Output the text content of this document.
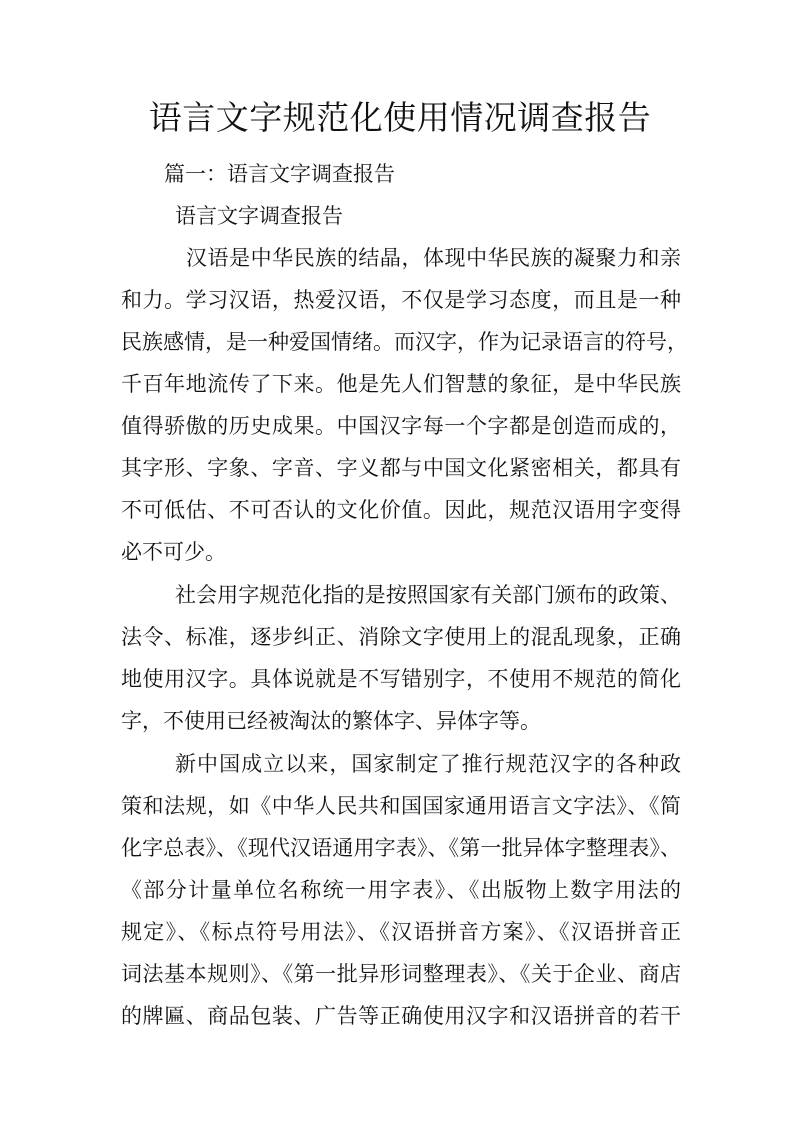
语言文字规范化使用情况调查报告
篇一：语言文字调查报告
语言文字调查报告
汉语是中华民族的结晶，体现中华民族的凝聚力和亲
和力。学习汉语，热爱汉语，不仅是学习态度，而且是一种
民族感情，是一种爱国情绪。而汉字，作为记录语言的符号，
千百年地流传了下来。他是先人们智慧的象征，是中华民族
值得骄傲的历史成果。中国汉字每一个字都是创造而成的，
其字形、字象、字音、字义都与中国文化紧密相关，都具有
不可低估、不可否认的文化价值。因此，规范汉语用字变得
必不可少。
社会用字规范化指的是按照国家有关部门颁布的政策、
法令、标准，逐步纠正、消除文字使用上的混乱现象，正确
地使用汉字。具体说就是不写错别字，不使用不规范的简化
字，不使用已经被淘汰的繁体字、异体字等。
新中国成立以来，国家制定了推行规范汉字的各种政
策和法规，如《中华人民共和国国家通用语言文字法》、《简
化字总表》、《现代汉语通用字表》、《第一批异体字整理表》、
《部分计量单位名称统一用字表》、《出版物上数字用法的
规定》、《标点符号用法》、《汉语拼音方案》、《汉语拼音正
词法基本规则》、《第一批异形词整理表》、《关于企业、商店
的牌匾、商品包装、广告等正确使用汉字和汉语拼音的若干
